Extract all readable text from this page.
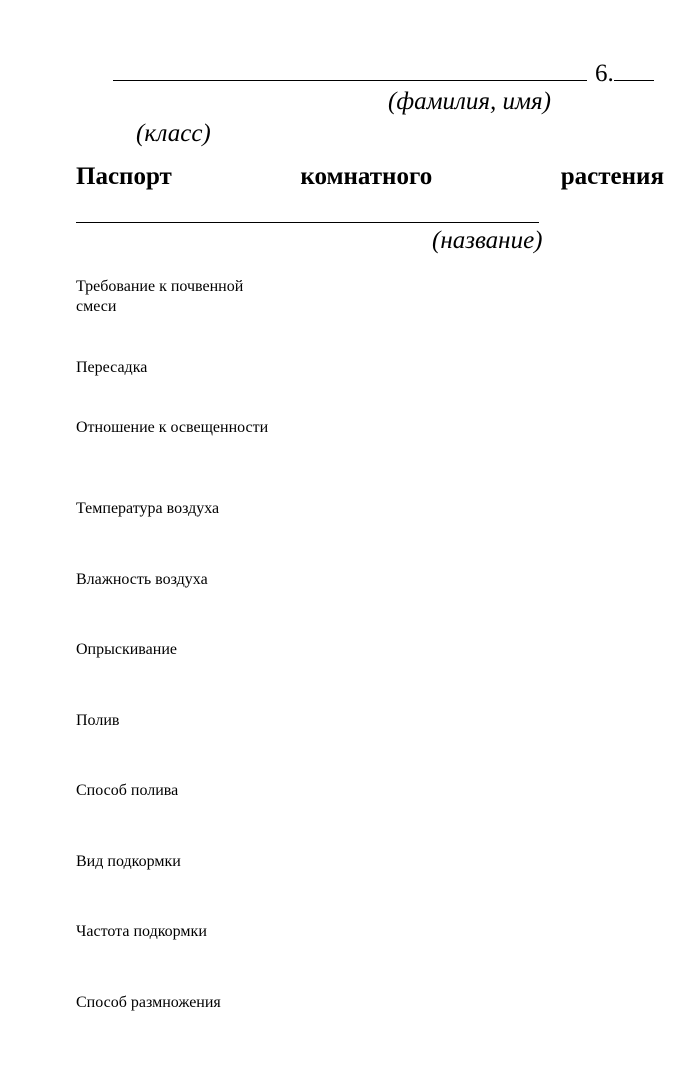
6.
(фамилия, имя)
(класс)
Паспорт	комнатного	растения
(название)
Требование к почвенной смеси
Пересадка
Отношение к освещенности
Температура воздуха
Влажность воздуха
Опрыскивание
Полив
Способ полива
Вид подкормки
Частота подкормки
Способ размножения
